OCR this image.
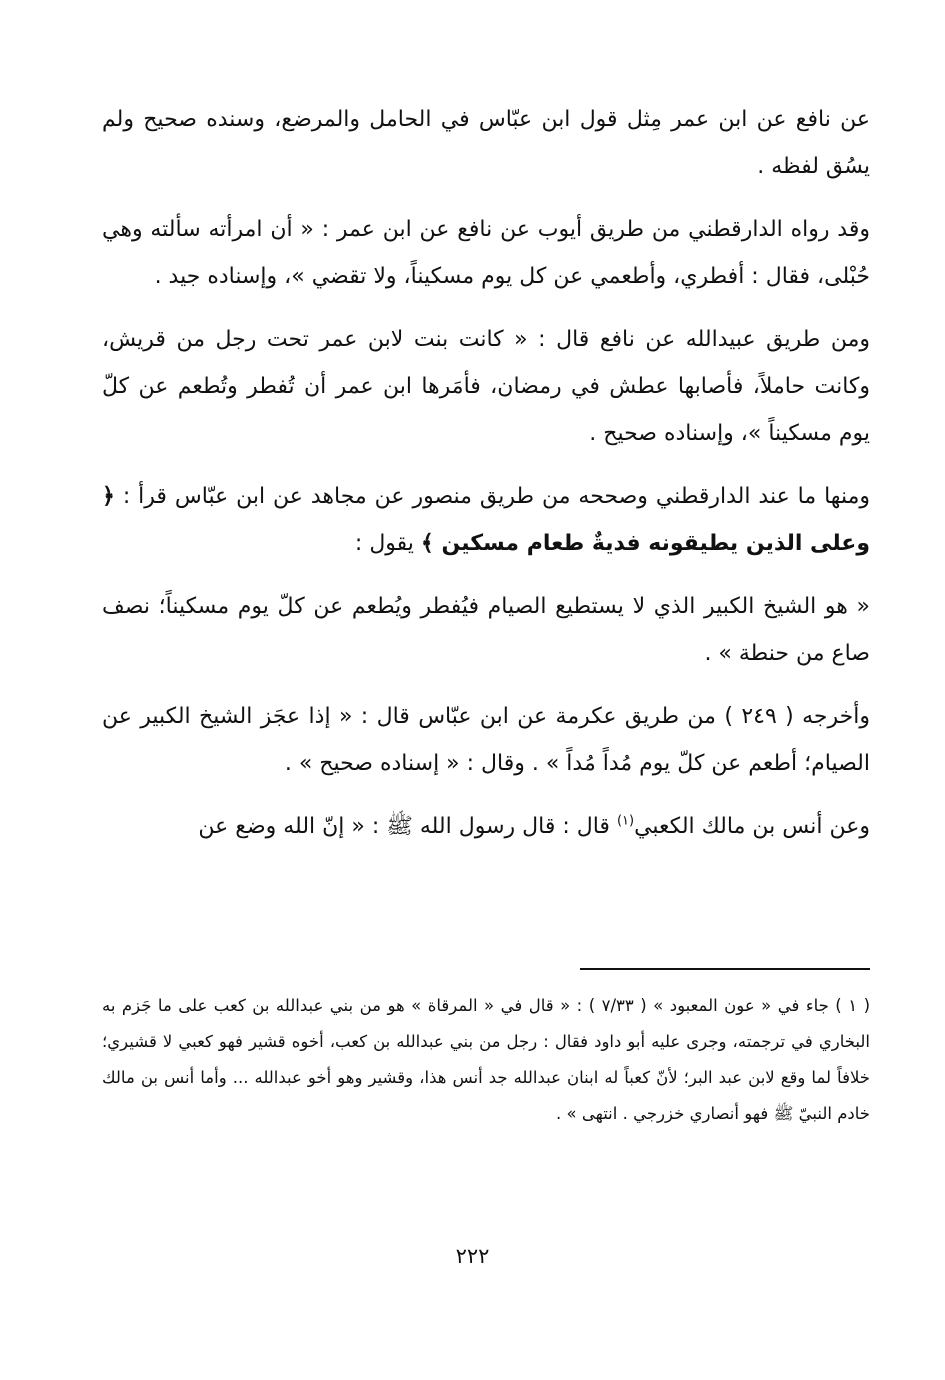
عن نافع عن ابن عمر مِثل قول ابن عبّاس في الحامل والمرضع، وسنده صحيح ولم يسُق لفظه .

وقد رواه الدارقطني من طريق أيوب عن نافع عن ابن عمر : « أن امرأته سألته وهي حُبْلى، فقال : أفطري، وأطعمي عن كل يوم مسكيناً، ولا تقضي »، وإسناده جيد .

ومن طريق عبيدالله عن نافع قال : « كانت بنت لابن عمر تحت رجل من قريش، وكانت حاملاً، فأصابها عطش في رمضان، فأمَرها ابن عمر أن تُفطر وتُطعم عن كلّ يوم مسكيناً »، وإسناده صحيح .

ومنها ما عند الدارقطني وصححه من طريق منصور عن مجاهد عن ابن عبّاس قرأ : ﴿ وعلى الذين يطيقونه فديةٌ طعام مسكين ﴾ يقول :

« هو الشيخ الكبير الذي لا يستطيع الصيام فيُفطر ويُطعم عن كلّ يوم مسكيناً؛ نصف صاع من حنطة » .

وأخرجه ( ٢٤٩ ) من طريق عكرمة عن ابن عبّاس قال : « إذا عجَز الشيخ الكبير عن الصيام؛ أطعم عن كلّ يوم مُداً مُداً » . وقال : « إسناده صحيح » .

وعن أنس بن مالك الكعبي$^{(١)}$ قال : قال رسول الله ﷺ : « إنّ الله وضع عن

( ١ ) جاء في « عون المعبود » ( ٧/٣٣ ) : « قال في « المرقاة » هو من بني عبدالله بن كعب على ما جَزم به البخاري في ترجمته، وجرى عليه أبو داود فقال : رجل من بني عبدالله بن كعب، أخوه قشير فهو كعبي لا قشيري؛ خلافاً لما وقع لابن عبد البر؛ لأنّ كعباً له ابنان عبدالله جد أنس هذا، وقشير وهو أخو عبدالله ... وأما أنس بن مالك خادم النبيّ ﷺ فهو أنصاري خزرجي . انتهى » .
٢٢٢
